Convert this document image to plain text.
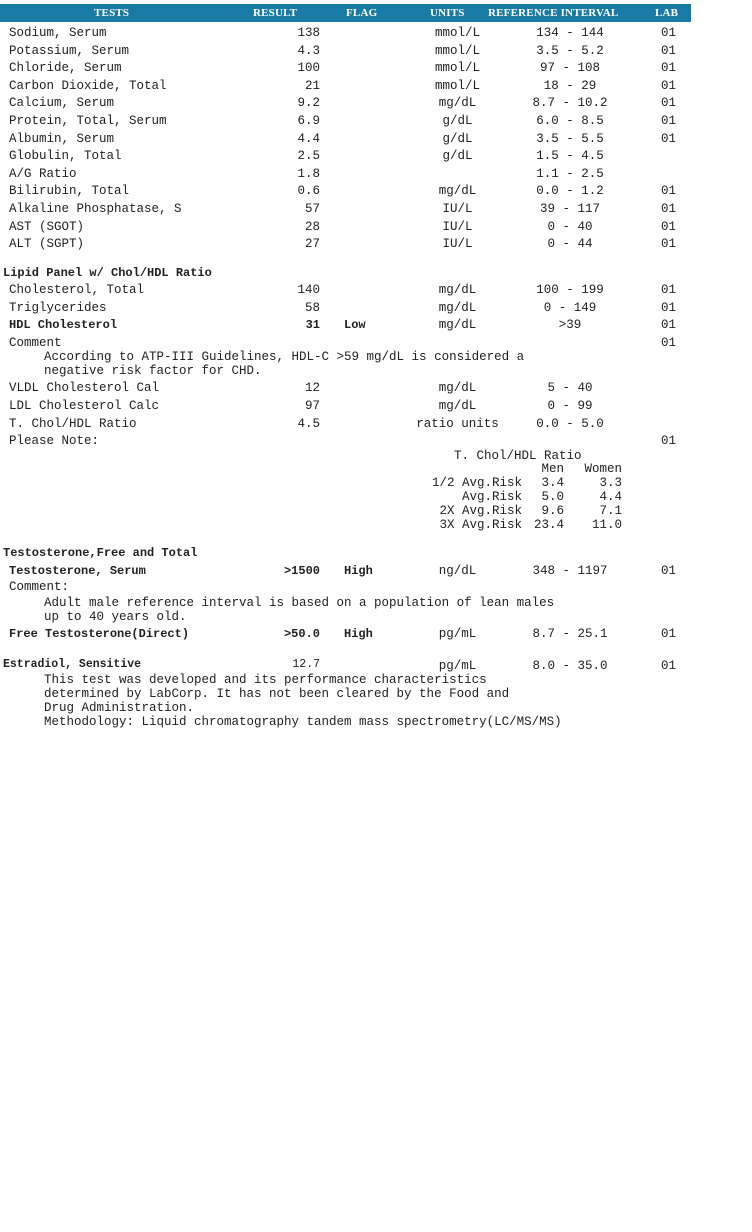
TESTS	RESULT	FLAG	UNITS REFERENCE INTERVAL	LAB
Sodium, Serum	138	mmol/L	134 - 144	01
Potassium, Serum	4.3	mmol/L	3.5 - 5.2	01
Chloride, Serum	100	mmol/L	97 - 108	01
Carbon Dioxide, Total	21	mmol/L	18 - 29	01
Calcium, Serum	9.2	mg/dL	8.7 - 10.2	01
Protein, Total, Serum	6.9	g/dL	6.0 - 8.5	01
Albumin, Serum	4.4	g/dL	3.5 - 5.5	01
Globulin, Total	2.5	g/dL	1.5 - 4.5
A/G Ratio	1.8	1.1 - 2.5
Bilirubin, Total	0.6	mg/dL	0.0 - 1.2	01
Alkaline Phosphatase, S	57	IU/L	39 - 117	01
AST (SGOT)	28	IU/L	0 - 40	01
ALT (SGPT)	27	IU/L	0 - 44	01
Lipid Panel w/ Chol/HDL Ratio
Cholesterol, Total	140	mg/dL	100 - 199	01
Triglycerides	58	mg/dL	0 - 149	01
HDL Cholesterol	31 Low	mg/dL	>39	01
Comment	01
According to ATP-III Guidelines, HDL-C >59 mg/dL is considered a
negative risk factor for CHD.
VLDL Cholesterol Cal	12	mg/dL	5 - 40
LDL Cholesterol Calc	97	mg/dL	0 - 99
T. Chol/HDL Ratio	4.5	ratio units	0.0 - 5.0
Please Note:	01
T. Chol/HDL Ratio
Men	Women
1/2 Avg.Risk	3.4	3.3
Avg.Risk	5.0	4.4
2X Avg.Risk	9.6	7.1
3X Avg.Risk 23.4	11.0
Testosterone,Free and Total
Testosterone, Serum	>1500 High	ng/dL	348 - 1197	01
Comment:
Adult male reference interval is based on a population of lean males
up to 40 years old.
Free Testosterone(Direct)	>50.0 High	pg/mL	8.7 - 25.1	01
Estradiol, Sensitive	12.7	pg/mL	8.0 - 35.0	01
This test was developed and its performance characteristics
determined by LabCorp. It has not been cleared by the Food and
Drug Administration.
Methodology: Liquid chromatography tandem mass spectrometry(LC/MS/MS)
